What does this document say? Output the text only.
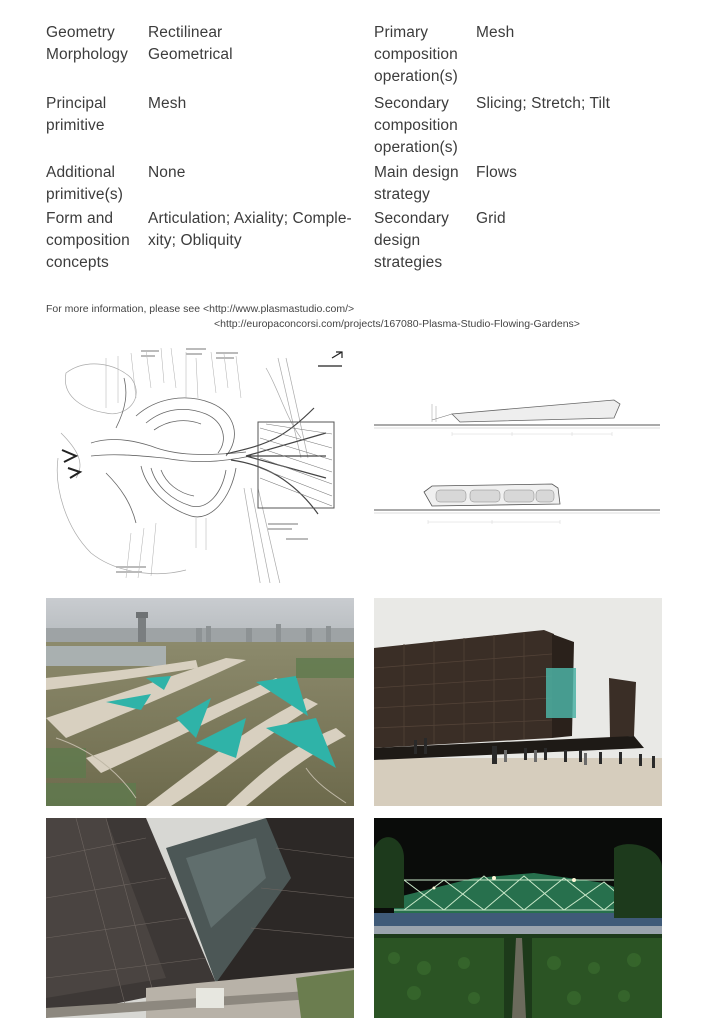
Geometry
Morphology
Rectilinear
Geometrical
Principal
primitive
Mesh
Additional
primitive(s)
None
Form and
composition
concepts
Articulation; Axiality; Comple-
xity; Obliquity
Primary
composition
operation(s)
Mesh
Secondary
composition
operation(s)
Slicing; Stretch; Tilt
Main design
strategy
Flows
Secondary
design
strategies
Grid
For more information, please see <http://www.plasmastudio.com/>
<http://europaconcorsi.com/projects/167080-Plasma-Studio-Flowing-Gardens>
